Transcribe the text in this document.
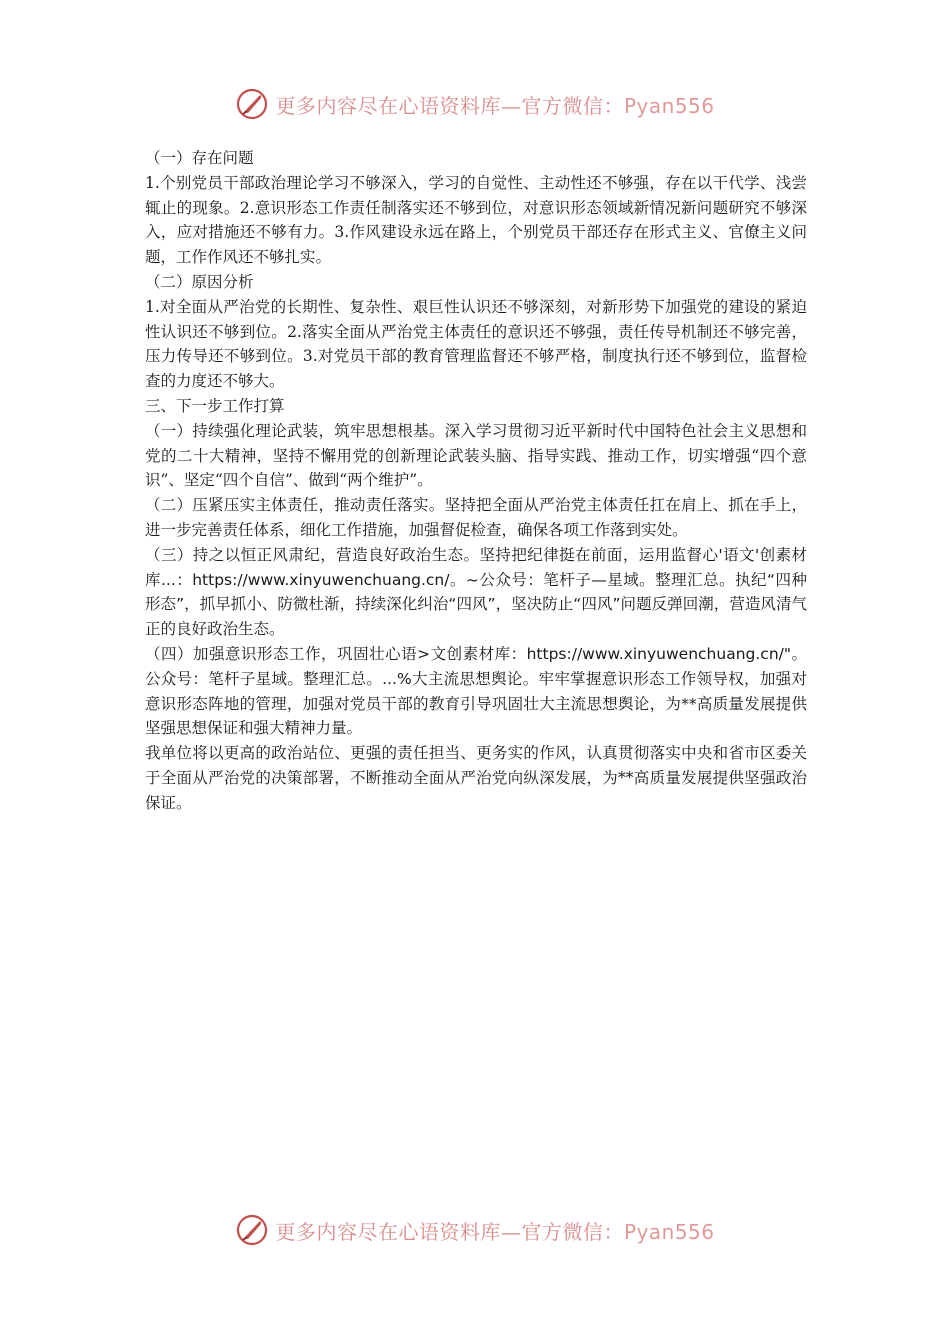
更多内容尽在心语资料库—官方微信：Pyan556

（一）存在问题

1.个别党员干部政治理论学习不够深入，学习的自觉性、主动性还不够强，存在以干代学、浅尝辄止的现象。2.意识形态工作责任制落实还不够到位，对意识形态领域新情况新问题研究不够深入，应对措施还不够有力。3.作风建设永远在路上，个别党员干部还存在形式主义、官僚主义问题，工作作风还不够扎实。

（二）原因分析

1.对全面从严治党的长期性、复杂性、艰巨性认识还不够深刻，对新形势下加强党的建设的紧迫性认识还不够到位。2.落实全面从严治党主体责任的意识还不够强，责任传导机制还不够完善，压力传导还不够到位。3.对党员干部的教育管理监督还不够严格，制度执行还不够到位，监督检查的力度还不够大。

三、下一步工作打算

（一）持续强化理论武装，筑牢思想根基。深入学习贯彻习近平新时代中国特色社会主义思想和党的二十大精神，坚持不懈用党的创新理论武装头脑、指导实践、推动工作，切实增强“四个意识”、坚定“四个自信”、做到“两个维护”。

（二）压紧压实主体责任，推动责任落实。坚持把全面从严治党主体责任扛在肩上、抓在手上，进一步完善责任体系，细化工作措施，加强督促检查，确保各项工作落到实处。

（三）持之以恒正风肃纪，营造良好政治生态。坚持把纪律挺在前面，运用监督心'语文'创素材库...：https://www.xinyuwenchuang.cn/。~公众号：笔杆子—星域。整理汇总。执纪“四种形态”，抓早抓小、防微杜渐，持续深化纠治“四风”，坚决防止“四风”问题反弹回潮，营造风清气正的良好政治生态。

（四）加强意识形态工作，巩固壮心语>文创素材库：https://www.xinyuwenchuang.cn/"。公众号：笔杆子星域。整理汇总。...%大主流思想舆论。牢牢掌握意识形态工作领导权，加强对意识形态阵地的管理，加强对党员干部的教育引导巩固壮大主流思想舆论，为**高质量发展提供坚强思想保证和强大精神力量。

我单位将以更高的政治站位、更强的责任担当、更务实的作风，认真贯彻落实中央和省市区委关于全面从严治党的决策部署，不断推动全面从严治党向纵深发展，为**高质量发展提供坚强政治保证。

更多内容尽在心语资料库—官方微信：Pyan556
